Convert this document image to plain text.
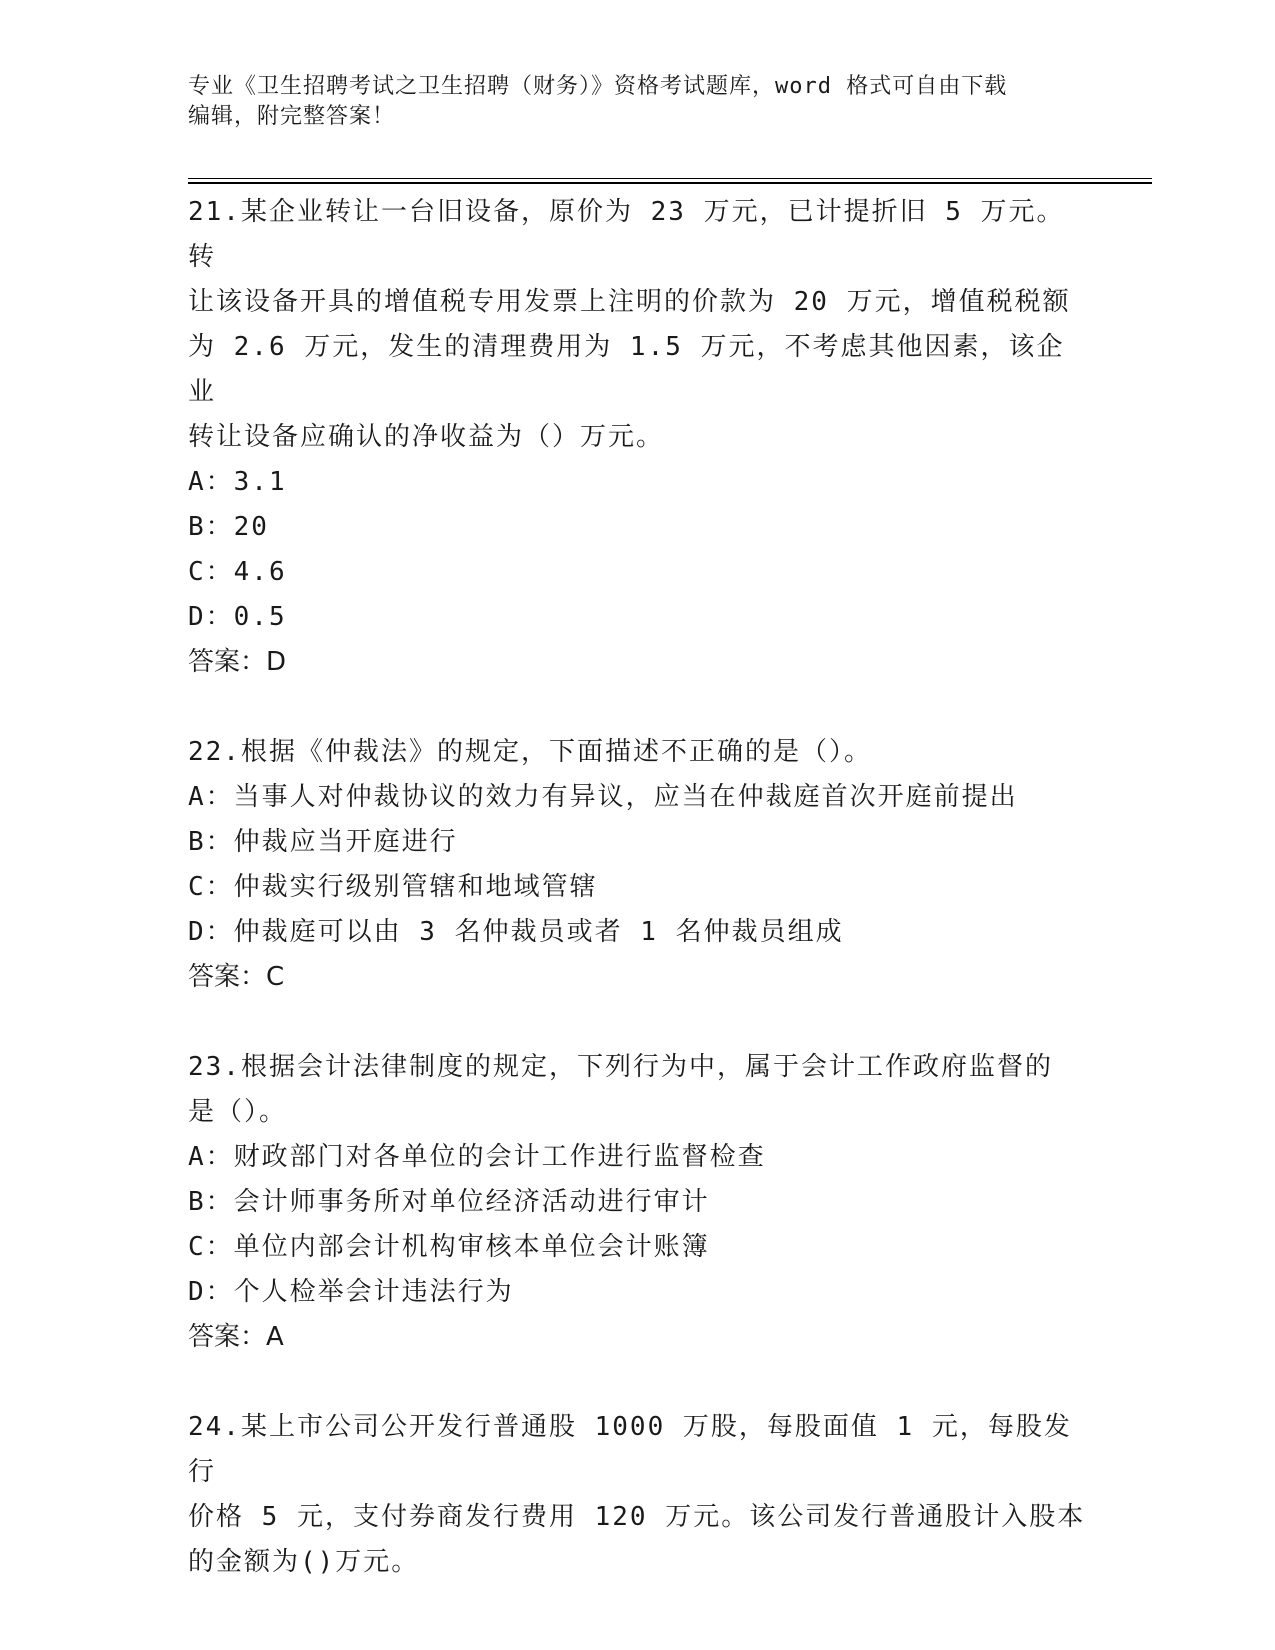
专业《卫生招聘考试之卫生招聘（财务）》资格考试题库，word 格式可自由下载
编辑，附完整答案！

21.某企业转让一台旧设备，原价为 23 万元，已计提折旧 5 万元。转

让该设备开具的增值税专用发票上注明的价款为 20 万元，增值税税额

为 2.6 万元，发生的清理费用为 1.5 万元，不考虑其他因素，该企业

转让设备应确认的净收益为（）万元。

A：3.1

B：20

C：4.6

D：0.5

答案：D

22.根据《仲裁法》的规定，下面描述不正确的是（）。

A：当事人对仲裁协议的效力有异议，应当在仲裁庭首次开庭前提出

B：仲裁应当开庭进行

C：仲裁实行级别管辖和地域管辖

D：仲裁庭可以由 3 名仲裁员或者 1 名仲裁员组成

答案：C

23.根据会计法律制度的规定，下列行为中，属于会计工作政府监督的

是（）。

A：财政部门对各单位的会计工作进行监督检查

B：会计师事务所对单位经济活动进行审计

C：单位内部会计机构审核本单位会计账簿

D：个人检举会计违法行为

答案：A

24.某上市公司公开发行普通股 1000 万股，每股面值 1 元，每股发行

价格 5 元，支付券商发行费用 120 万元。该公司发行普通股计入股本

的金额为()万元。
